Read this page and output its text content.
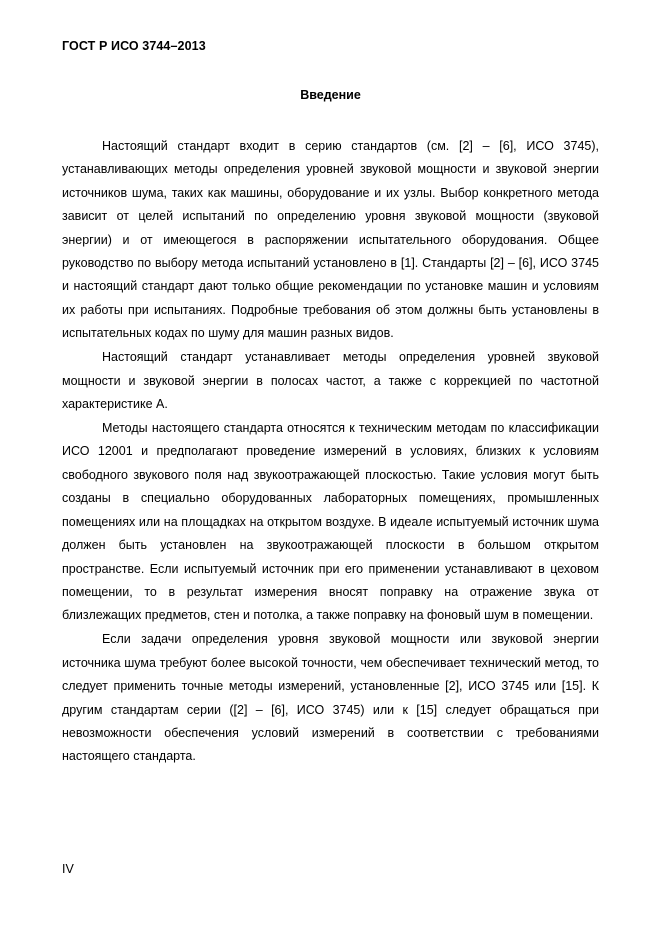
ГОСТ Р ИСО 3744–2013
Введение

Настоящий стандарт входит в серию стандартов (см. [2] – [6], ИСО 3745), устанавливающих методы определения уровней звуковой мощности и звуковой энергии источников шума, таких как машины, оборудование и их узлы. Выбор конкретного метода зависит от целей испытаний по определению уровня звуковой мощности (звуковой энергии) и от имеющегося в распоряжении испытательного оборудования. Общее руководство по выбору метода испытаний установлено в [1]. Стандарты [2] – [6], ИСО 3745 и настоящий стандарт дают только общие рекомендации по установке машин и условиям их работы при испытаниях. Подробные требования об этом должны быть установлены в испытательных кодах по шуму для машин разных видов.

Настоящий стандарт устанавливает методы определения уровней звуковой мощности и звуковой энергии в полосах частот, а также с коррекцией по частотной характеристике А.

Методы настоящего стандарта относятся к техническим методам по классификации ИСО 12001 и предполагают проведение измерений в условиях, близких к условиям свободного звукового поля над звукоотражающей плоскостью. Такие условия могут быть созданы в специально оборудованных лабораторных помещениях, промышленных помещениях или на площадках на открытом воздухе. В идеале испытуемый источник шума должен быть установлен на звукоотражающей плоскости в большом открытом пространстве. Если испытуемый источник при его применении устанавливают в цеховом помещении, то в результат измерения вносят поправку на отражение звука от близлежащих предметов, стен и потолка, а также поправку на фоновый шум в помещении.

Если задачи определения уровня звуковой мощности или звуковой энергии источника шума требуют более высокой точности, чем обеспечивает технический метод, то следует применить точные методы измерений, установленные [2], ИСО 3745 или [15]. К другим стандартам серии ([2] – [6], ИСО 3745) или к [15] следует обращаться при невозможности обеспечения условий измерений в соответствии с требованиями настоящего стандарта.

IV
